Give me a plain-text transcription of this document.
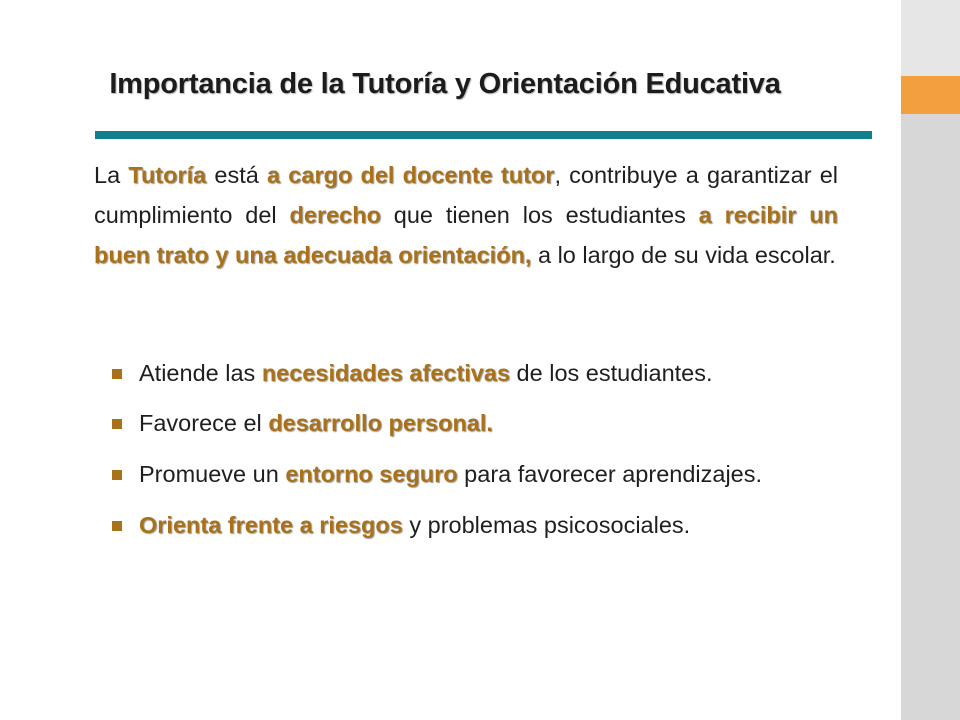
Importancia de la Tutoría y Orientación Educativa

La Tutoría está a cargo del docente tutor, contribuye a garantizar el cumplimiento del derecho que tienen los estudiantes a recibir un buen trato y una adecuada orientación, a lo largo de su vida escolar.

Atiende las necesidades afectivas de los estudiantes.
Favorece el desarrollo personal.
Promueve un entorno seguro para favorecer aprendizajes.
Orienta frente a riesgos y problemas psicosociales.
